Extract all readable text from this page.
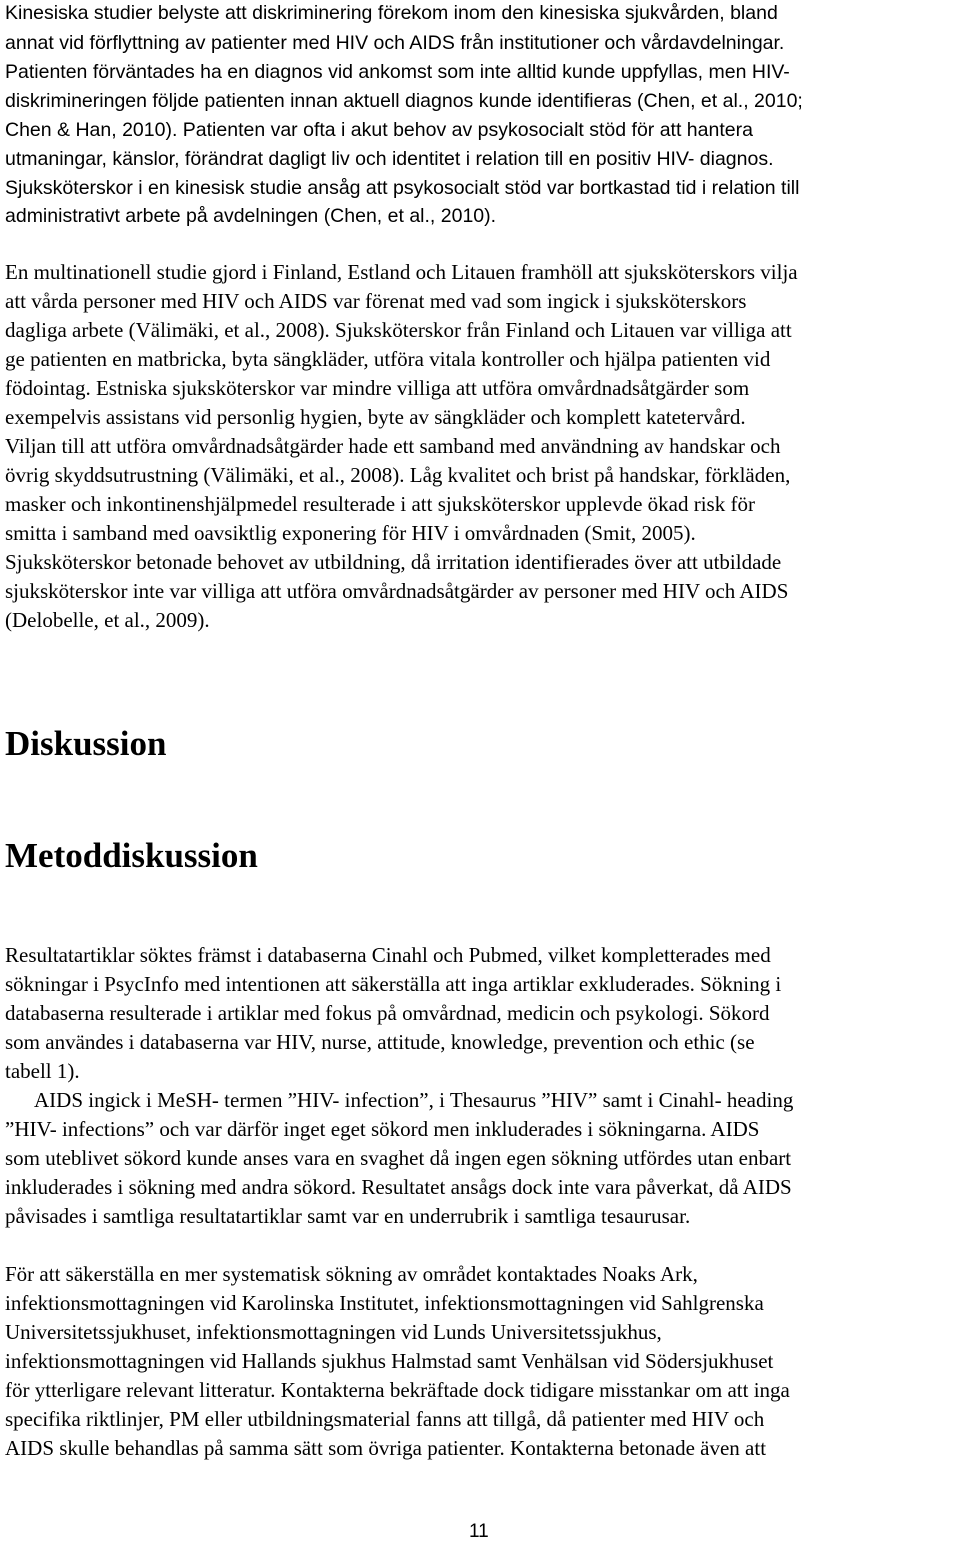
Kinesiska studier belyste att diskriminering förekom inom den kinesiska sjukvården, bland
annat vid förflyttning av patienter med HIV och AIDS från institutioner och vårdavdelningar.
Patienten förväntades ha en diagnos vid ankomst som inte alltid kunde uppfyllas, men HIV-
diskrimineringen följde patienten innan aktuell diagnos kunde identifieras (Chen, et al., 2010;
Chen & Han, 2010). Patienten var ofta i akut behov av psykosocialt stöd för att hantera
utmaningar, känslor, förändrat dagligt liv och identitet i relation till en positiv HIV- diagnos.
Sjuksköterskor i en kinesisk studie ansåg att psykosocialt stöd var bortkastad tid i relation till
administrativt arbete på avdelningen (Chen, et al., 2010).
En multinationell studie gjord i Finland, Estland och Litauen framhöll att sjuksköterskors vilja
att vårda personer med HIV och AIDS var förenat med vad som ingick i sjuksköterskors
dagliga arbete (Välimäki, et al., 2008). Sjuksköterskor från Finland och Litauen var villiga att
ge patienten en matbricka, byta sängkläder, utföra vitala kontroller och hjälpa patienten vid
födointag. Estniska sjuksköterskor var mindre villiga att utföra omvårdnadsåtgärder som
exempelvis assistans vid personlig hygien, byte av sängkläder och komplett katetervård.
Viljan till att utföra omvårdnadsåtgärder hade ett samband med användning av handskar och
övrig skyddsutrustning (Välimäki, et al., 2008). Låg kvalitet och brist på handskar, förkläden,
masker och inkontinenshjälpmedel resulterade i att sjuksköterskor upplevde ökad risk för
smitta i samband med oavsiktlig exponering för HIV i omvårdnaden (Smit, 2005).
Sjuksköterskor betonade behovet av utbildning, då irritation identifierades över att utbildade
sjuksköterskor inte var villiga att utföra omvårdnadsåtgärder av personer med HIV och AIDS
(Delobelle, et al., 2009).
Diskussion
Metoddiskussion
Resultatartiklar söktes främst i databaserna Cinahl och Pubmed, vilket kompletterades med
sökningar i PsycInfo med intentionen att säkerställa att inga artiklar exkluderades. Sökning i
databaserna resulterade i artiklar med fokus på omvårdnad, medicin och psykologi. Sökord
som användes i databaserna var HIV, nurse, attitude, knowledge, prevention och ethic (se
tabell 1).
AIDS ingick i MeSH- termen ”HIV- infection”, i Thesaurus ”HIV” samt i Cinahl- heading
”HIV- infections” och var därför inget eget sökord men inkluderades i sökningarna. AIDS
som uteblivet sökord kunde anses vara en svaghet då ingen egen sökning utfördes utan enbart
inkluderades i sökning med andra sökord. Resultatet ansågs dock inte vara påverkat, då AIDS
påvisades i samtliga resultatartiklar samt var en underrubrik i samtliga tesaurusar.
För att säkerställa en mer systematisk sökning av området kontaktades Noaks Ark,
infektionsmottagningen vid Karolinska Institutet, infektionsmottagningen vid Sahlgrenska
Universitetssjukhuset, infektionsmottagningen vid Lunds Universitetssjukhus,
infektionsmottagningen vid Hallands sjukhus Halmstad samt Venhälsan vid Södersjukhuset
för ytterligare relevant litteratur. Kontakterna bekräftade dock tidigare misstankar om att inga
specifika riktlinjer, PM eller utbildningsmaterial fanns att tillgå, då patienter med HIV och
AIDS skulle behandlas på samma sätt som övriga patienter. Kontakterna betonade även att
11
